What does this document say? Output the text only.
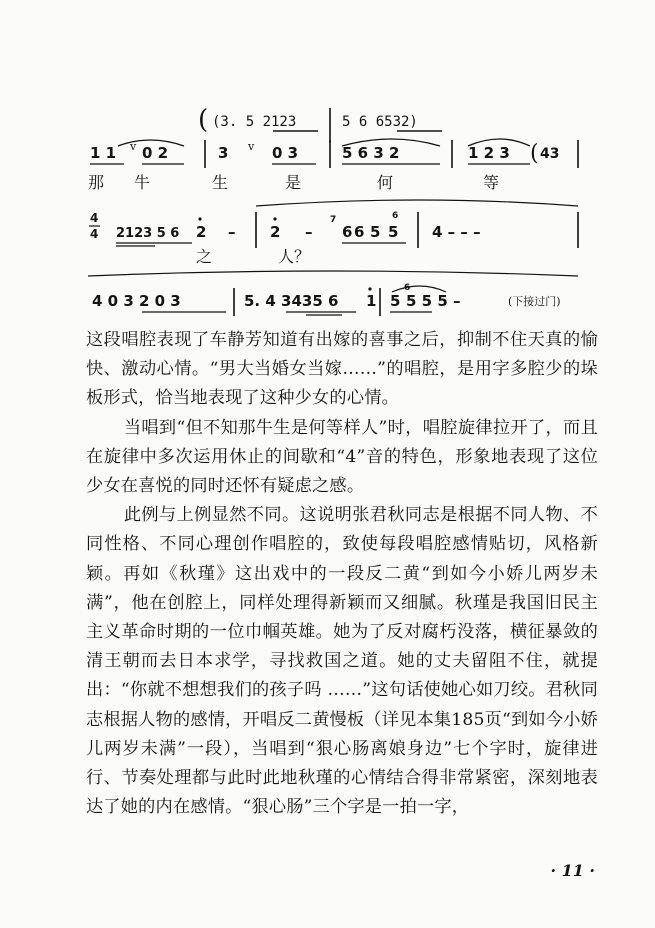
( (3. 5 2123	5 6 6532)
1 1 v 0 2	3 v 0 3	5 6 3 2	1 2 3 ( 43
那 牛	生	是	何	等
4
4 2123 5 6 2 – 2 –
7
6 6
6
5 5 4 – – –
之	人？
4 0 3 2 0 3	5. 4 3435 6 1
6
5 5 5 5 –	(下接过门)

这段唱腔表现了车静芳知道有出嫁的喜事之后，抑制不住天真的愉快、激动心情。“男大当婚女当嫁……”的唱腔，是用字多腔少的垛板形式，恰当地表现了这种少女的心情。

当唱到“但不知那牛生是何等样人”时，唱腔旋律拉开了，而且在旋律中多次运用休止的间歇和“4”音的特色，形象地表现了这位少女在喜悦的同时还怀有疑虑之感。

此例与上例显然不同。这说明张君秋同志是根据不同人物、不同性格、不同心理创作唱腔的，致使每段唱腔感情贴切，风格新颖。再如《秋瑾》这出戏中的一段反二黄“到如今小娇儿两岁未满”，他在创腔上，同样处理得新颖而又细腻。秋瑾是我国旧民主主义革命时期的一位巾帼英雄。她为了反对腐朽没落，横征暴敛的清王朝而去日本求学，寻找救国之道。她的丈夫留阻不住，就提出：“你就不想想我们的孩子吗 ……”这句话使她心如刀绞。君秋同志根据人物的感情，开唱反二黄慢板（详见本集185页“到如今小娇儿两岁未满”一段），当唱到“狠心肠离娘身边”七个字时，旋律进行、节奏处理都与此时此地秋瑾的心情结合得非常紧密，深刻地表达了她的内在感情。“狠心肠”三个字是一拍一字，

· 11 ·
